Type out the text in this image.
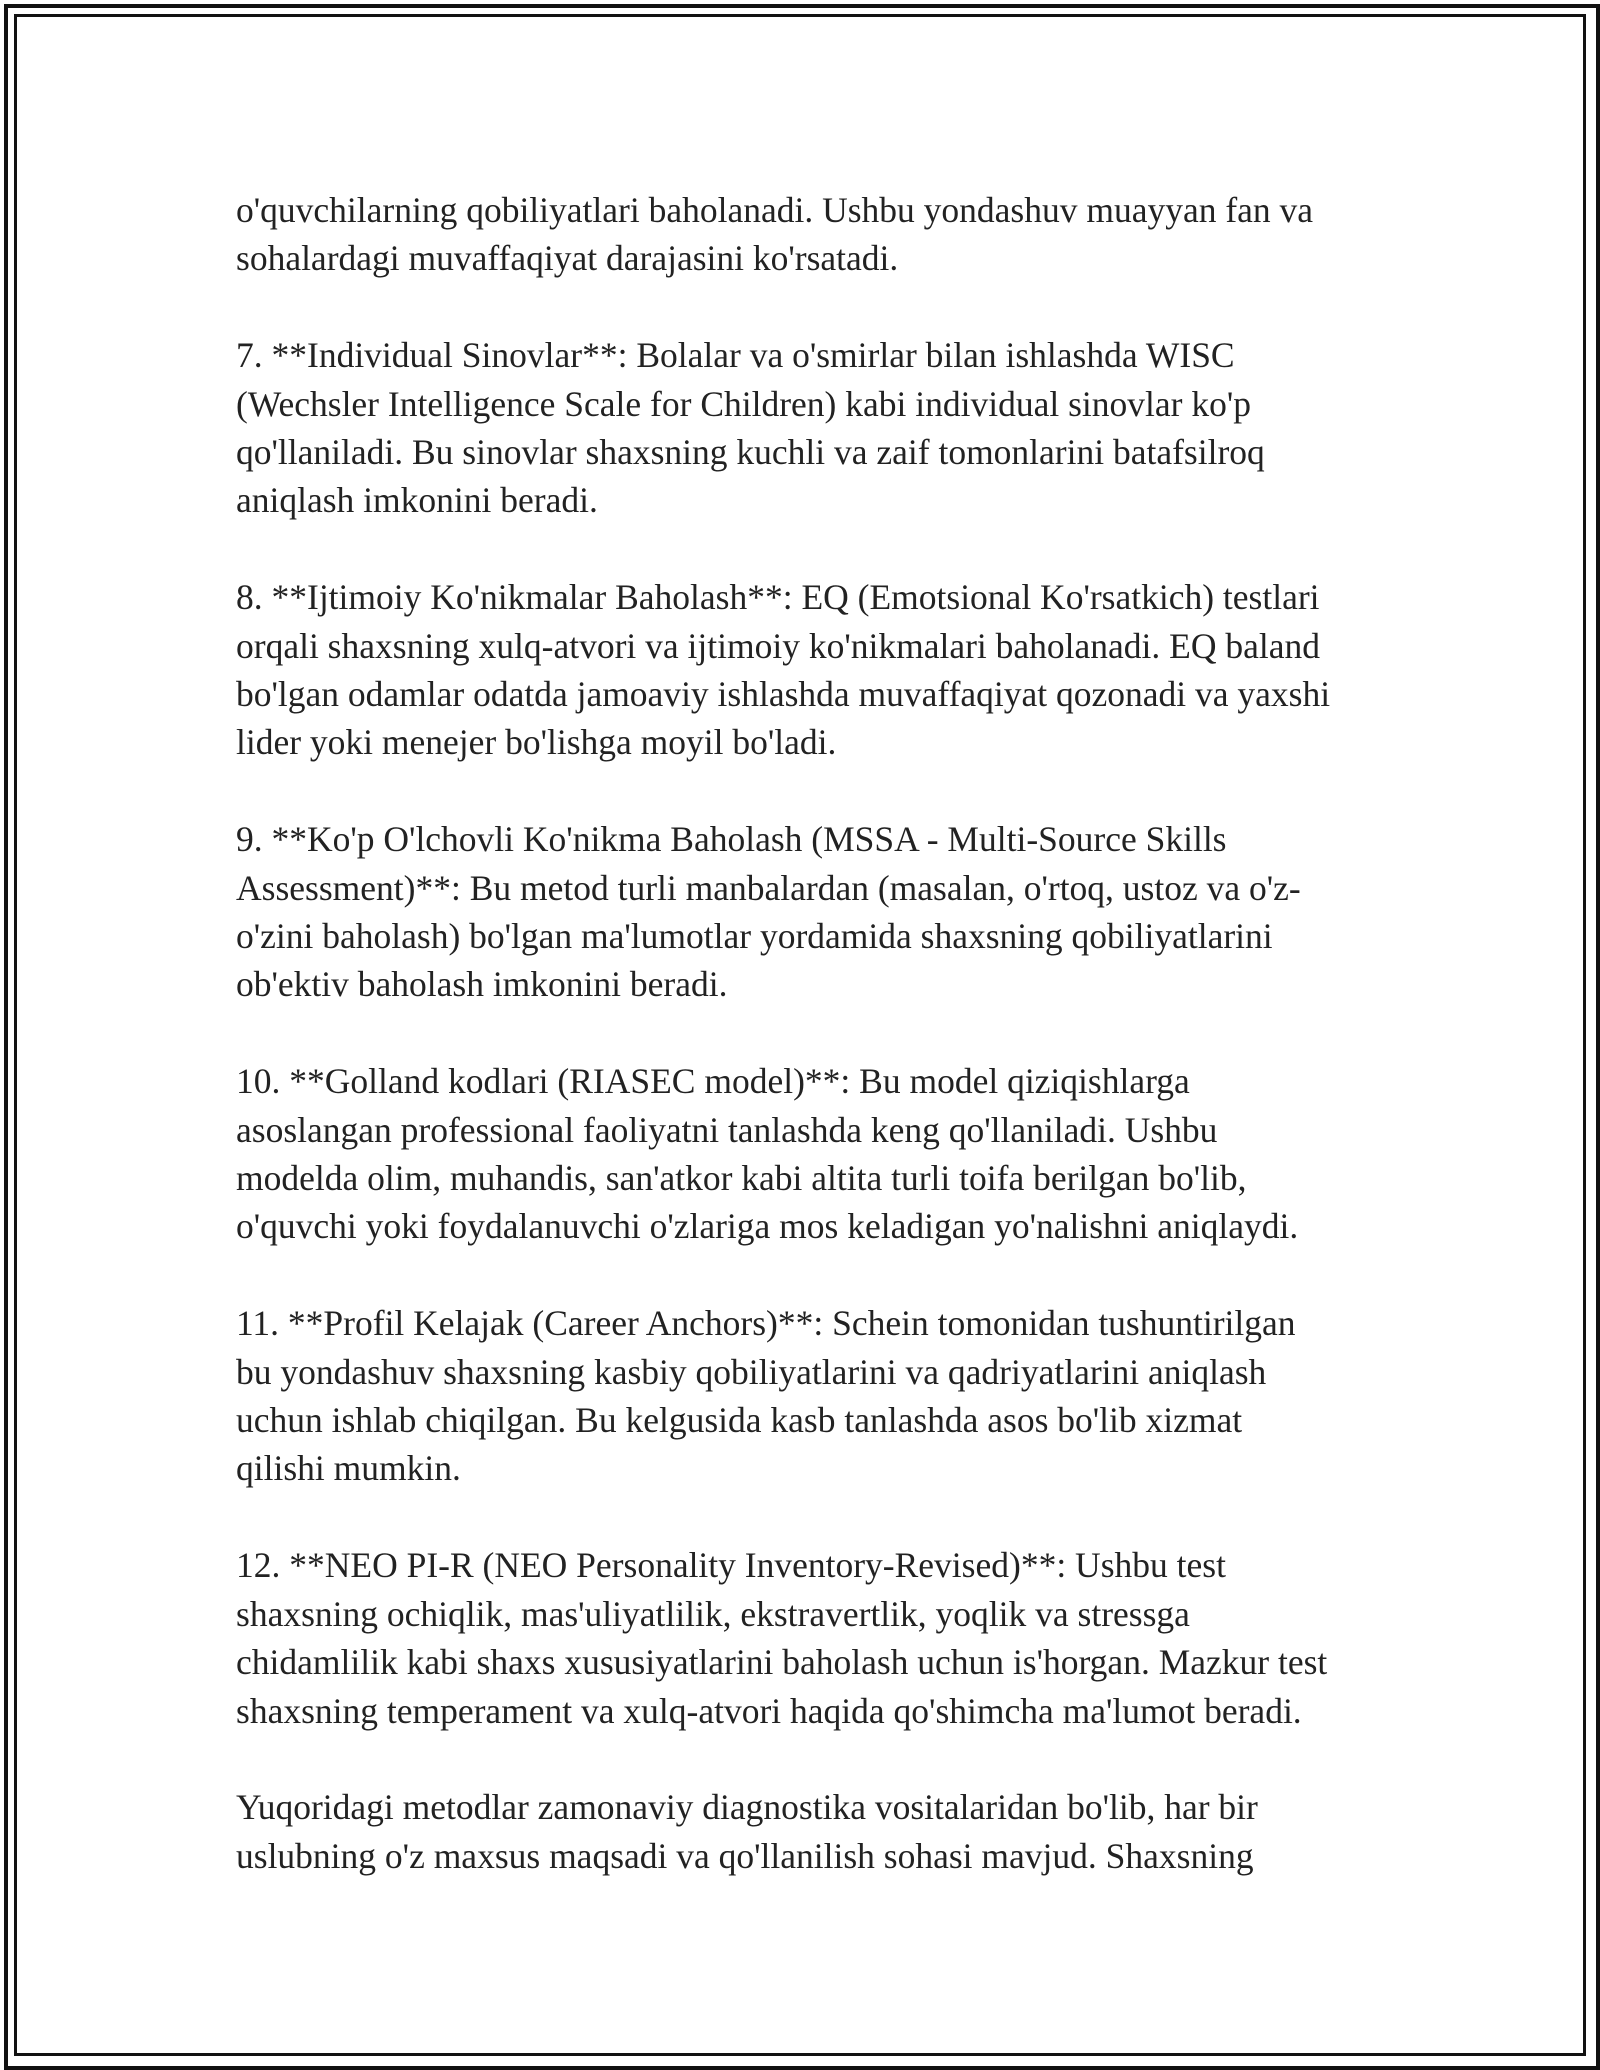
o'quvchilarning qobiliyatlari baholanadi. Ushbu yondashuv muayyan fan va
sohalardagi muvaffaqiyat darajasini ko'rsatadi.
7. **Individual Sinovlar**: Bolalar va o'smirlar bilan ishlashda WISC
(Wechsler Intelligence Scale for Children) kabi individual sinovlar ko'p
qo'llaniladi. Bu sinovlar shaxsning kuchli va zaif tomonlarini batafsilroq
aniqlash imkonini beradi.
8. **Ijtimoiy Ko'nikmalar Baholash**: EQ (Emotsional Ko'rsatkich) testlari
orqali shaxsning xulq-atvori va ijtimoiy ko'nikmalari baholanadi. EQ baland
bo'lgan odamlar odatda jamoaviy ishlashda muvaffaqiyat qozonadi va yaxshi
lider yoki menejer bo'lishga moyil bo'ladi.
9. **Ko'p O'lchovli Ko'nikma Baholash (MSSA - Multi-Source Skills
Assessment)**: Bu metod turli manbalardan (masalan, o'rtoq, ustoz va o'z-
o'zini baholash) bo'lgan ma'lumotlar yordamida shaxsning qobiliyatlarini
ob'ektiv baholash imkonini beradi.
10. **Golland kodlari (RIASEC model)**: Bu model qiziqishlarga
asoslangan professional faoliyatni tanlashda keng qo'llaniladi. Ushbu
modelda olim, muhandis, san'atkor kabi altita turli toifa berilgan bo'lib,
o'quvchi yoki foydalanuvchi o'zlariga mos keladigan yo'nalishni aniqlaydi.
11. **Profil Kelajak (Career Anchors)**: Schein tomonidan tushuntirilgan
bu yondashuv shaxsning kasbiy qobiliyatlarini va qadriyatlarini aniqlash
uchun ishlab chiqilgan. Bu kelgusida kasb tanlashda asos bo'lib xizmat
qilishi mumkin.
12. **NEO PI-R (NEO Personality Inventory-Revised)**: Ushbu test
shaxsning ochiqlik, mas'uliyatlilik, ekstravertlik, yoqlik va stressga
chidamlilik kabi shaxs xususiyatlarini baholash uchun is'horgan. Mazkur test
shaxsning temperament va xulq-atvori haqida qo'shimcha ma'lumot beradi.
Yuqoridagi metodlar zamonaviy diagnostika vositalaridan bo'lib, har bir
uslubning o'z maxsus maqsadi va qo'llanilish sohasi mavjud. Shaxsning
